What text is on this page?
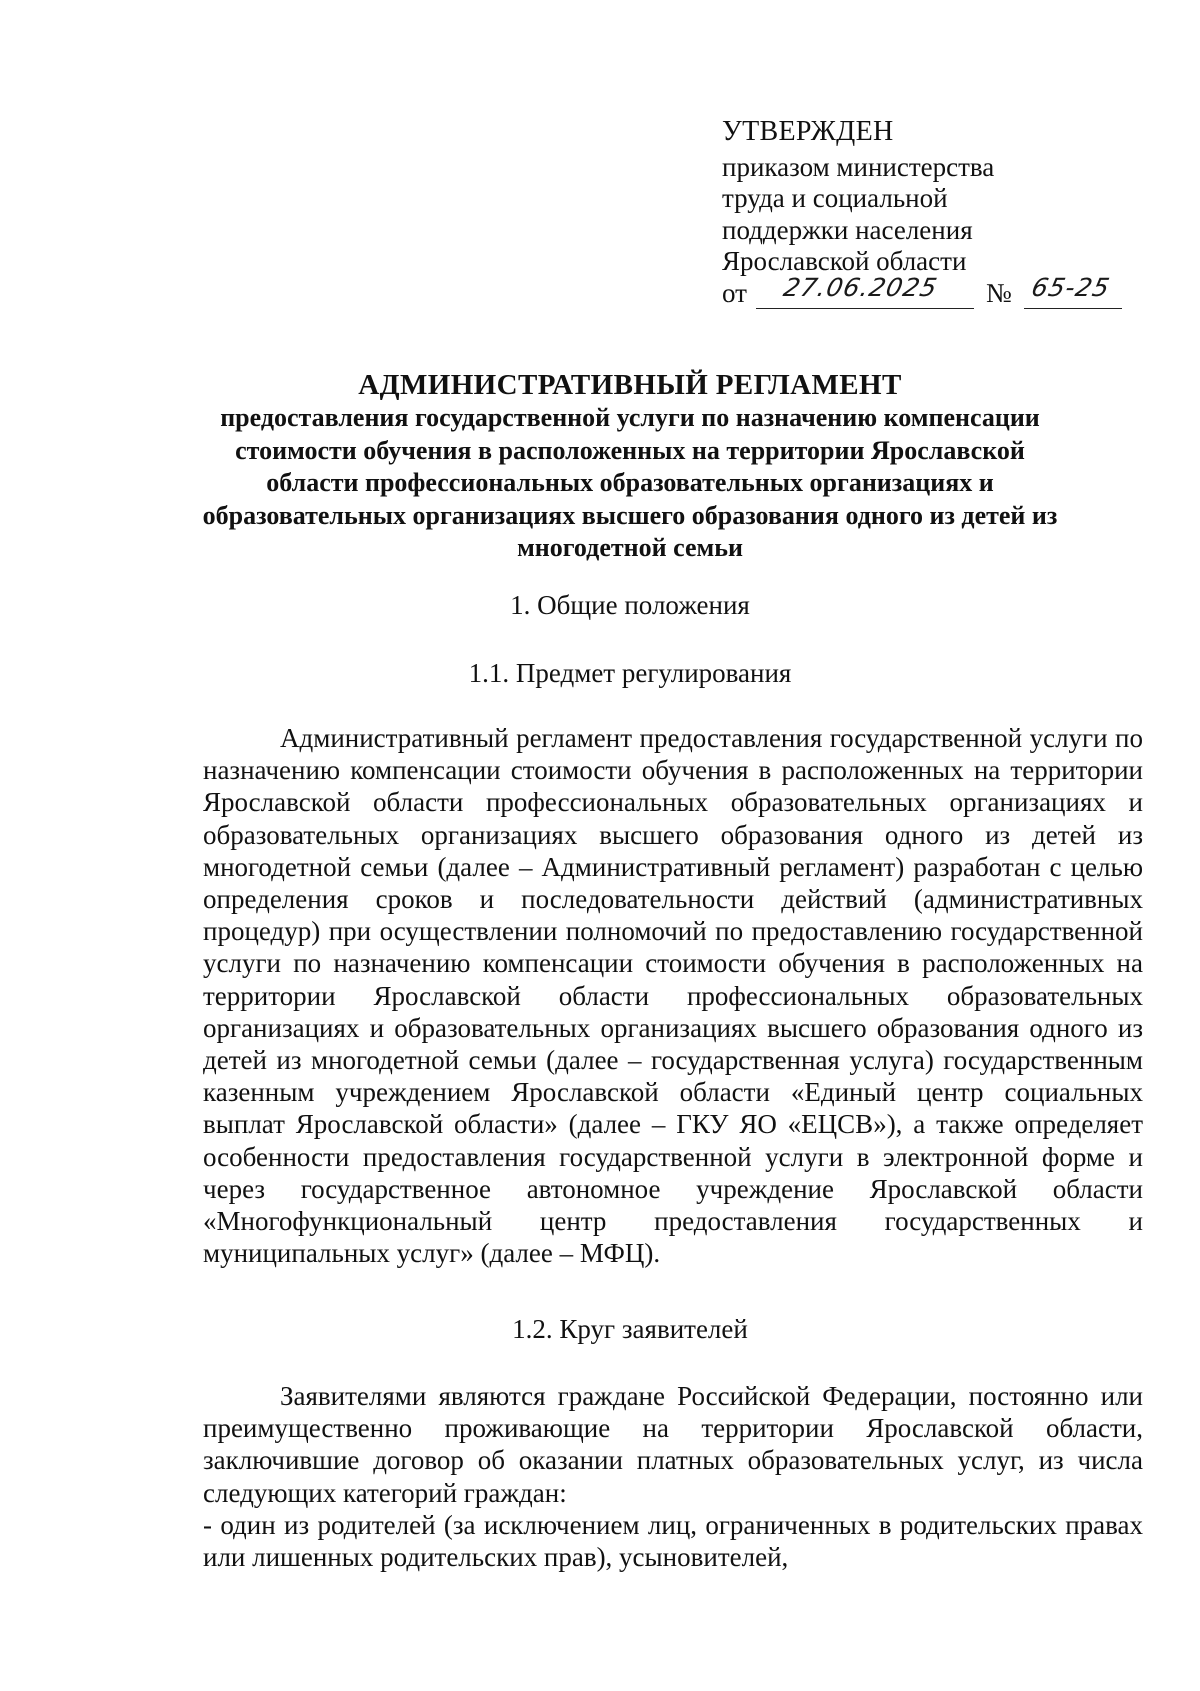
УТВЕРЖДЕН
приказом министерства
труда и социальной
поддержки населения
Ярославской области
от 27.06.2025 № 65-25
АДМИНИСТРАТИВНЫЙ РЕГЛАМЕНТ
предоставления государственной услуги по назначению компенсации
стоимости обучения в расположенных на территории Ярославской
области профессиональных образовательных организациях и
образовательных организациях высшего образования одного из детей из
многодетной семьи
1. Общие положения
1.1. Предмет регулирования

Административный регламент предоставления государственной услуги по назначению компенсации стоимости обучения в расположенных на территории Ярославской области профессиональных образовательных организациях и образовательных организациях высшего образования одного из детей из многодетной семьи (далее – Административный регламент) разработан с целью определения сроков и последовательности действий (административных процедур) при осуществлении полномочий по предоставлению государственной услуги по назначению компенсации стоимости обучения в расположенных на территории Ярославской области профессиональных образовательных организациях и образовательных организациях высшего образования одного из детей из многодетной семьи (далее – государственная услуга) государственным казенным учреждением Ярославской области «Единый центр социальных выплат Ярославской области» (далее – ГКУ ЯО «ЕЦСВ»), а также определяет особенности предоставления государственной услуги в электронной форме и через государственное автономное учреждение Ярославской области «Многофункциональный центр предоставления государственных и муниципальных услуг» (далее – МФЦ).

1.2. Круг заявителей

Заявителями являются граждане Российской Федерации, постоянно или преимущественно проживающие на территории Ярославской области, заключившие договор об оказании платных образовательных услуг, из числа следующих категорий граждан:

- один из родителей (за исключением лиц, ограниченных в родительских правах или лишенных родительских прав), усыновителей,
